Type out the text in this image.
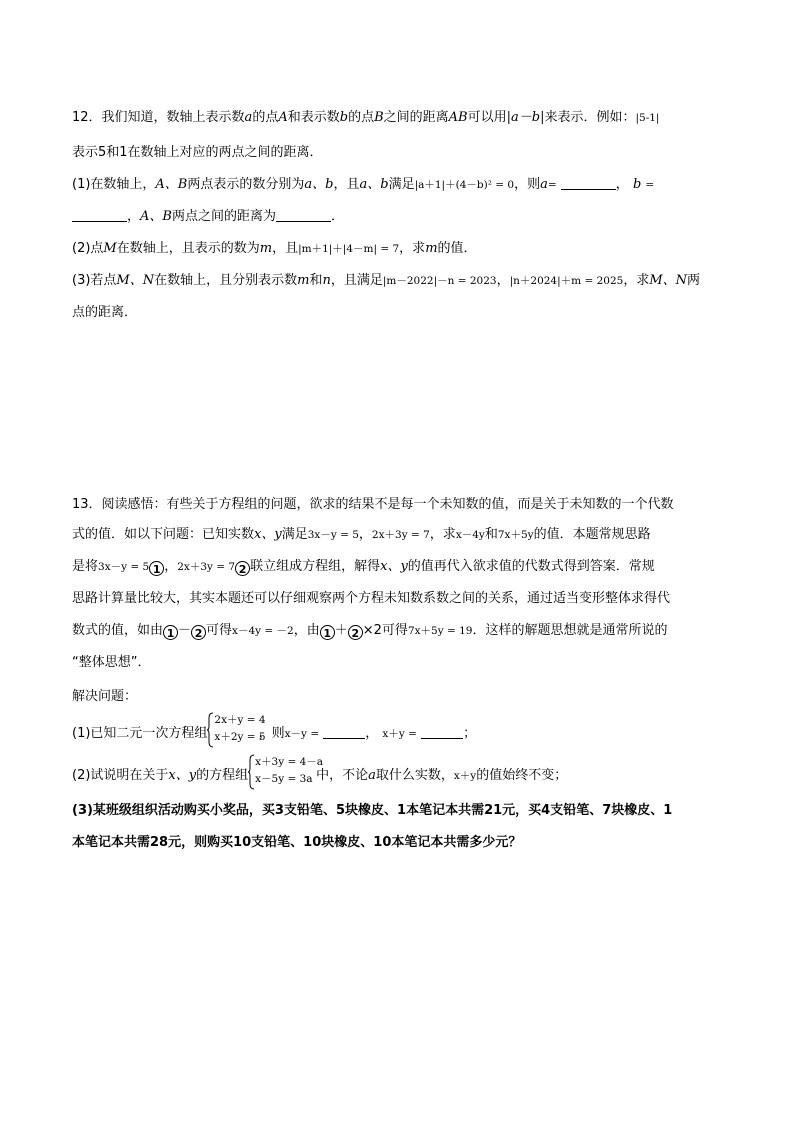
12．我们知道，数轴上表示数a的点A和表示数b的点B之间的距离AB可以用|a－b|来表示．例如：|5-1|
表示5和1在数轴上对应的两点之间的距离．
(1)在数轴上，A、B两点表示的数分别为a、b，且a、b满足|a＋1|＋(4－b)² = 0，则a=	， b =
，A、B两点之间的距离为	．
(2)点M在数轴上，且表示的数为m，且|m＋1|＋|4－m| = 7，求m的值．
(3)若点M、N在数轴上，且分别表示数m和n，且满足|m－2022|－n = 2023，|n＋2024|＋m = 2025，求M、N两
点的距离．
13．阅读感悟：有些关于方程组的问题，欲求的结果不是每一个未知数的值，而是关于未知数的一个代数
式的值．如以下问题：已知实数x、y满足3x－y = 5，2x＋3y = 7，求x－4y和7x＋5y的值．本题常规思路
是将3x－y = 5 1 ，2x＋3y = 7 2 联立组成方程组，解得x、y的值再代入欲求值的代数式得到答案．常规
思路计算量比较大，其实本题还可以仔细观察两个方程未知数系数之间的关系，通过适当变形整体求得代
数式的值，如由 1 － 2 可得x－4y = －2，由 1 ＋ 2 ×2可得7x＋5y = 19．这样的解题思想就是通常所说的
“整体思想”．
解决问题：
(1)已知二元一次方程组
2x＋y = 4
x＋2y = 5
，则x－y =	， x＋y =	；
(2)试说明在关于x、y的方程组
x＋3y = 4－a
x－5y = 3a 中，不论a取什么实数，x＋y的值始终不变；
(3)某班级组织活动购买小奖品，买3支铅笔、5块橡皮、1本笔记本共需21元，买4支铅笔、7块橡皮、1
本笔记本共需28元，则购买10支铅笔、10块橡皮、10本笔记本共需多少元？
